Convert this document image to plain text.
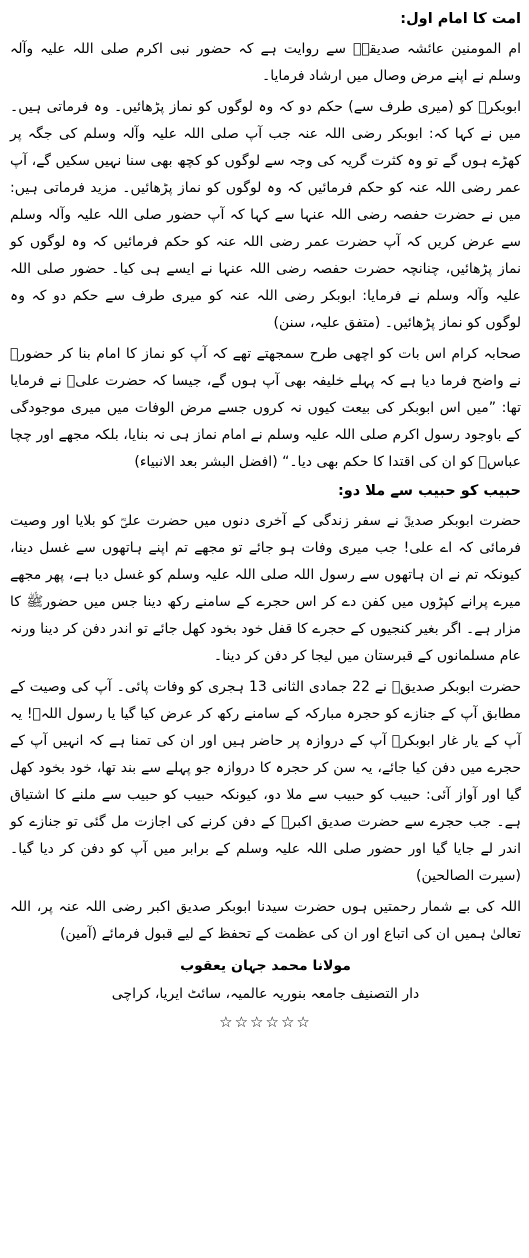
امت کا امام اول:

ام المومنین عائشہ صدیقہؓ سے روایت ہے کہ حضور نبی اکرم صلی اللہ علیہ وآلہ وسلم نے اپنے مرض وصال میں ارشاد فرمایا۔

ابوبکرؓ کو (میری طرف سے) حکم دو کہ وہ لوگوں کو نماز پڑھائیں۔ وہ فرماتی ہیں۔ میں نے کہا کہ: ابوبکر رضی اللہ عنہ جب آپ صلی اللہ علیہ وآلہ وسلم کی جگہ پر کھڑے ہوں گے تو وہ کثرت گریہ کی وجہ سے لوگوں کو کچھ بھی سنا نہیں سکیں گے، آپ عمر رضی اللہ عنہ کو حکم فرمائیں کہ وہ لوگوں کو نماز پڑھائیں۔ مزید فرماتی ہیں: میں نے حضرت حفصہ رضی اللہ عنہا سے کہا کہ آپ حضور صلی اللہ علیہ وآلہ وسلم سے عرض کریں کہ آپ حضرت عمر رضی اللہ عنہ کو حکم فرمائیں کہ وہ لوگوں کو نماز پڑھائیں، چنانچہ حضرت حفصہ رضی اللہ عنہا نے ایسے ہی کیا۔ حضور صلی اللہ علیہ وآلہ وسلم نے فرمایا: ابوبکر رضی اللہ عنہ کو میری طرف سے حکم دو کہ وہ لوگوں کو نماز پڑھائیں۔ (متفق علیہ، سنن)

صحابہ کرام اس بات کو اچھی طرح سمجھتے تھے کہ آپ کو نماز کا امام بنا کر حضورﷺ نے واضح فرما دیا ہے کہ پہلے خلیفہ بھی آپ ہوں گے، جیسا کہ حضرت علیؓ نے فرمایا تھا: ”میں اس ابوبکر کی بیعت کیوں نہ کروں جسے مرض الوفات میں میری موجودگی کے باوجود رسول اکرم صلی اللہ علیہ وسلم نے امام نماز ہی نہ بنایا، بلکہ مجھے اور چچا عباسؓ کو ان کی اقتدا کا حکم بھی دیا۔“ (افضل البشر بعد الانبیاء)

حبیب کو حبیب سے ملا دو:

حضرت ابوبکر صدیقؓ نے سفر زندگی کے آخری دنوں میں حضرت علیؓ کو بلایا اور وصیت فرمائی کہ اے علی! جب میری وفات ہو جائے تو مجھے تم اپنے ہاتھوں سے غسل دینا، کیونکہ تم نے ان ہاتھوں سے رسول اللہ صلی اللہ علیہ وسلم کو غسل دیا ہے، پھر مجھے میرے پرانے کپڑوں میں کفن دے کر اس حجرے کے سامنے رکھ دینا جس میں حضورﷺ کا مزار ہے۔ اگر بغیر کنجیوں کے حجرے کا قفل خود بخود کھل جائے تو اندر دفن کر دینا ورنہ عام مسلمانوں کے قبرستان میں لیجا کر دفن کر دینا۔

حضرت ابوبکر صدیقؓ نے 22 جمادی الثانی 13 ہجری کو وفات پائی۔ آپ کی وصیت کے مطابق آپ کے جنازے کو حجرہ مبارکہ کے سامنے رکھ کر عرض کیا گیا یا رسول اللہﷺ! یہ آپ کے یار غار ابوبکرؓ آپ کے دروازہ پر حاضر ہیں اور ان کی تمنا ہے کہ انہیں آپ کے حجرے میں دفن کیا جائے، یہ سن کر حجرہ کا دروازہ جو پہلے سے بند تھا، خود بخود کھل گیا اور آواز آئی: حبیب کو حبیب سے ملا دو، کیونکہ حبیب کو حبیب سے ملنے کا اشتیاق ہے۔ جب حجرے سے حضرت صدیق اکبرؓ کے دفن کرنے کی اجازت مل گئی تو جنازے کو اندر لے جایا گیا اور حضور صلی اللہ علیہ وسلم کے برابر میں آپ کو دفن کر دیا گیا۔ (سیرت الصالحین)

اللہ کی بے شمار رحمتیں ہوں حضرت سیدنا ابوبکر صدیق اکبر رضی اللہ عنہ پر، اللہ تعالیٰ ہمیں ان کی اتباع اور ان کی عظمت کے تحفظ کے لیے قبول فرمائے (آمین)

مولانا محمد جہان یعقوب

دار التصنیف جامعہ بنوریہ عالمیہ، سائٹ ایریا، کراچی

☆☆☆☆☆☆
